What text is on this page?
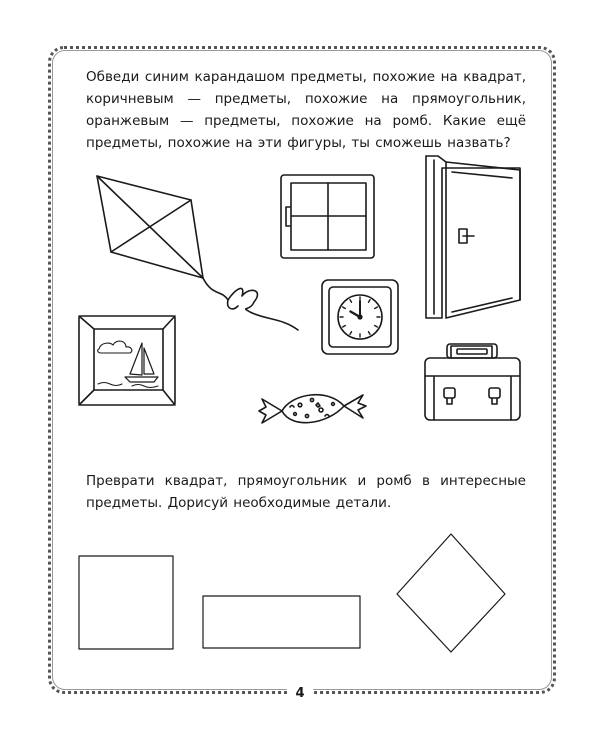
Обведи синим карандашом предметы, похожие на квадрат, коричневым — предметы, похожие на прямоугольник, оранжевым — предметы, похожие на ромб. Какие ещё предметы, похожие на эти фигуры, ты сможешь назвать?

Преврати квадрат, прямоугольник и ромб в интересные предметы. Дорисуй необходимые детали.

4
